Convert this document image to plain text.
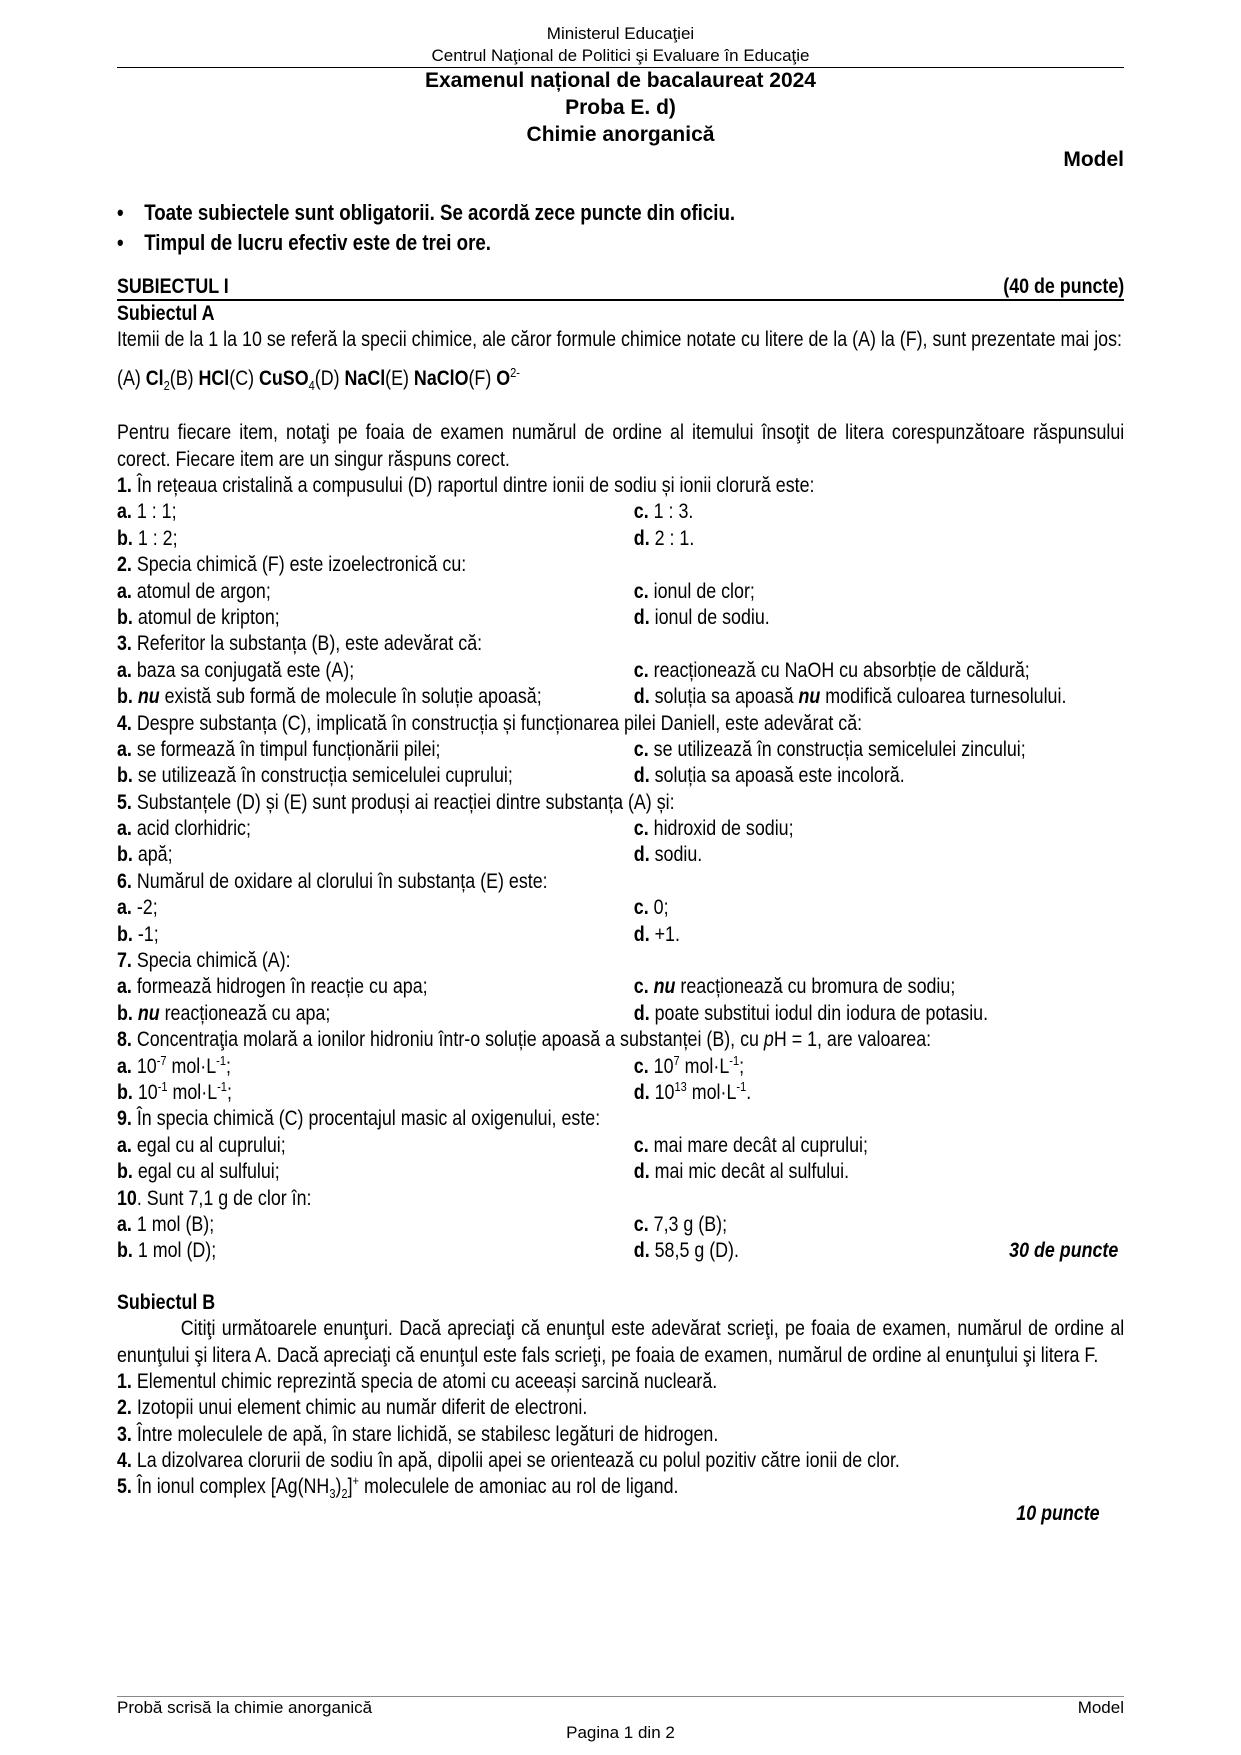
Ministerul Educaţiei
Centrul Naţional de Politici şi Evaluare în Educaţie
Examenul național de bacalaureat 2024
Proba E. d)
Chimie anorganică
Model
• Toate subiectele sunt obligatorii. Se acordă zece puncte din oficiu.
• Timpul de lucru efectiv este de trei ore.
SUBIECTUL I	(40 de puncte)
Subiectul A
Itemii de la 1 la 10 se referă la specii chimice, ale căror formule chimice notate cu litere de la (A) la (F), sunt prezentate mai jos:
(A) $Cl_2(B)$ HCl(C) CuSO$_4$(D) NaCl(E) NaClO(F) $O^{2-}$
Pentru fiecare item, notaţi pe foaia de examen numărul de ordine al itemului însoţit de litera corespunzătoare răspunsului corect. Fiecare item are un singur răspuns corect.
1. În rețeaua cristalină a compusului (D) raportul dintre ionii de sodiu și ionii clorură este:
a. 1 : 1;	c. 1 : 3.
b. 1 : 2;	d. 2 : 1.
2. Specia chimică (F) este izoelectronică cu:
a. atomul de argon;	c. ionul de clor;
b. atomul de kripton;	d. ionul de sodiu.
3. Referitor la substanța (B), este adevărat că:
a. baza sa conjugată este (A);	c. reacționează cu NaOH cu absorbție de căldură;
b. nu există sub formă de molecule în soluție apoasă;	d. soluția sa apoasă nu modifică culoarea turnesolului.
4. Despre substanța (C), implicată în construcția și funcționarea pilei Daniell, este adevărat că:
a. se formează în timpul funcționării pilei;	c. se utilizează în construcția semicelulei zincului;
b. se utilizează în construcția semicelulei cuprului;	d. soluția sa apoasă este incoloră.
5. Substanțele (D) și (E) sunt produși ai reacției dintre substanța (A) și:
a. acid clorhidric;	c. hidroxid de sodiu;
b. apă;	d. sodiu.
6. Numărul de oxidare al clorului în substanța (E) este:
a. -2;	c. 0;
b. -1;	d. +1.
7. Specia chimică (A):
a. formează hidrogen în reacție cu apa;	c. nu reacționează cu bromura de sodiu;
b. nu reacționează cu apa;	d. poate substitui iodul din iodura de potasiu.
8. Concentraţia molară a ionilor hidroniu într-o soluție apoasă a substanței (B), cu pH = 1, are valoarea:
a. $10^{-7}$ $mol\cdot L^{-1}$;	c. $10^7$ $mol\cdot L^{-1}$;
b. $10^{-1}$ $mol\cdot L^{-1}$;	d. $10^{13}$ $mol\cdot L^{-1}$.
9. În specia chimică (C) procentajul masic al oxigenului, este:
a. egal cu al cuprului;	c. mai mare decât al cuprului;
b. egal cu al sulfului;	d. mai mic decât al sulfului.
10. Sunt 7,1 g de clor în:
a. 1 mol (B);	c. 7,3 g (B);
b. 1 mol (D);	d. 58,5 g (D).	30 de puncte
Subiectul B
Citiţi următoarele enunţuri. Dacă apreciaţi că enunţul este adevărat scrieţi, pe foaia de examen, numărul de ordine al enunţului şi litera A. Dacă apreciaţi că enunţul este fals scrieţi, pe foaia de examen, numărul de ordine al enunţului şi litera F.
1. Elementul chimic reprezintă specia de atomi cu aceeași sarcină nucleară.
2. Izotopii unui element chimic au număr diferit de electroni.
3. Între moleculele de apă, în stare lichidă, se stabilesc legături de hidrogen.
4. La dizolvarea clorurii de sodiu în apă, dipolii apei se orientează cu polul pozitiv către ionii de clor.
5. În ionul complex $[Ag(NH_3)_2]^+$ moleculele de amoniac au rol de ligand.
10 puncte
Probă scrisă la chimie anorganică	Model
Pagina 1 din 2
